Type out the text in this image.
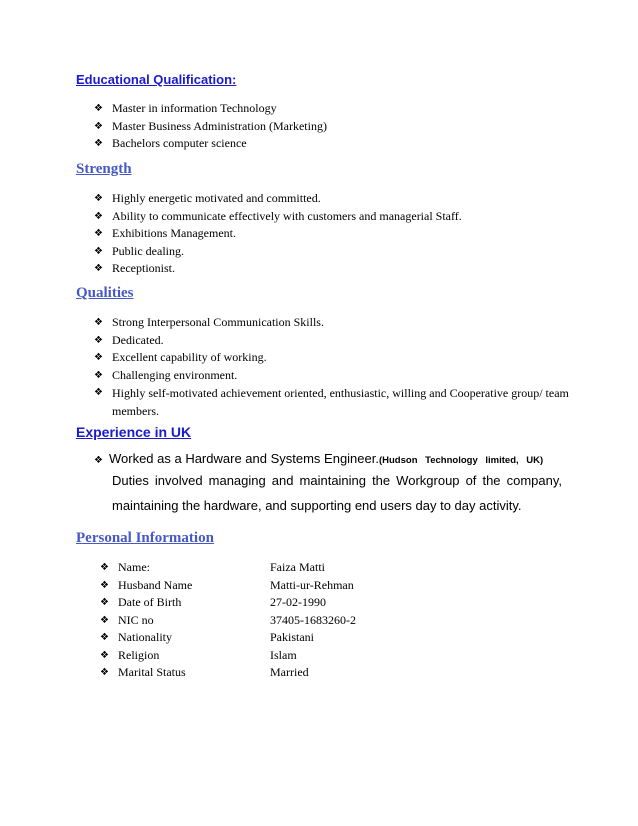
Educational Qualification:
❖ Master in information Technology
❖ Master Business Administration (Marketing)
❖ Bachelors computer science
Strength
❖ Highly energetic motivated and committed.
❖ Ability to communicate effectively with customers and managerial Staff.
❖ Exhibitions Management.
❖ Public dealing.
❖ Receptionist.
Qualities
❖ Strong Interpersonal Communication Skills.
❖ Dedicated.
❖ Excellent capability of working.
❖ Challenging environment.
❖ Highly self-motivated achievement oriented, enthusiastic, willing and Cooperative group/ team members.
Experience in UK
❖ Worked as a Hardware and Systems Engineer.(Hudson Technology limited, UK)
Duties involved managing and maintaining the Workgroup of the company, maintaining the hardware, and supporting end users day to day activity.
Personal Information
❖ Name:	Faiza Matti
❖ Husband Name	Matti-ur-Rehman
❖ Date of Birth	27-02-1990
❖ NIC no	37405-1683260-2
❖ Nationality	Pakistani
❖ Religion	Islam
❖ Marital Status	Married
